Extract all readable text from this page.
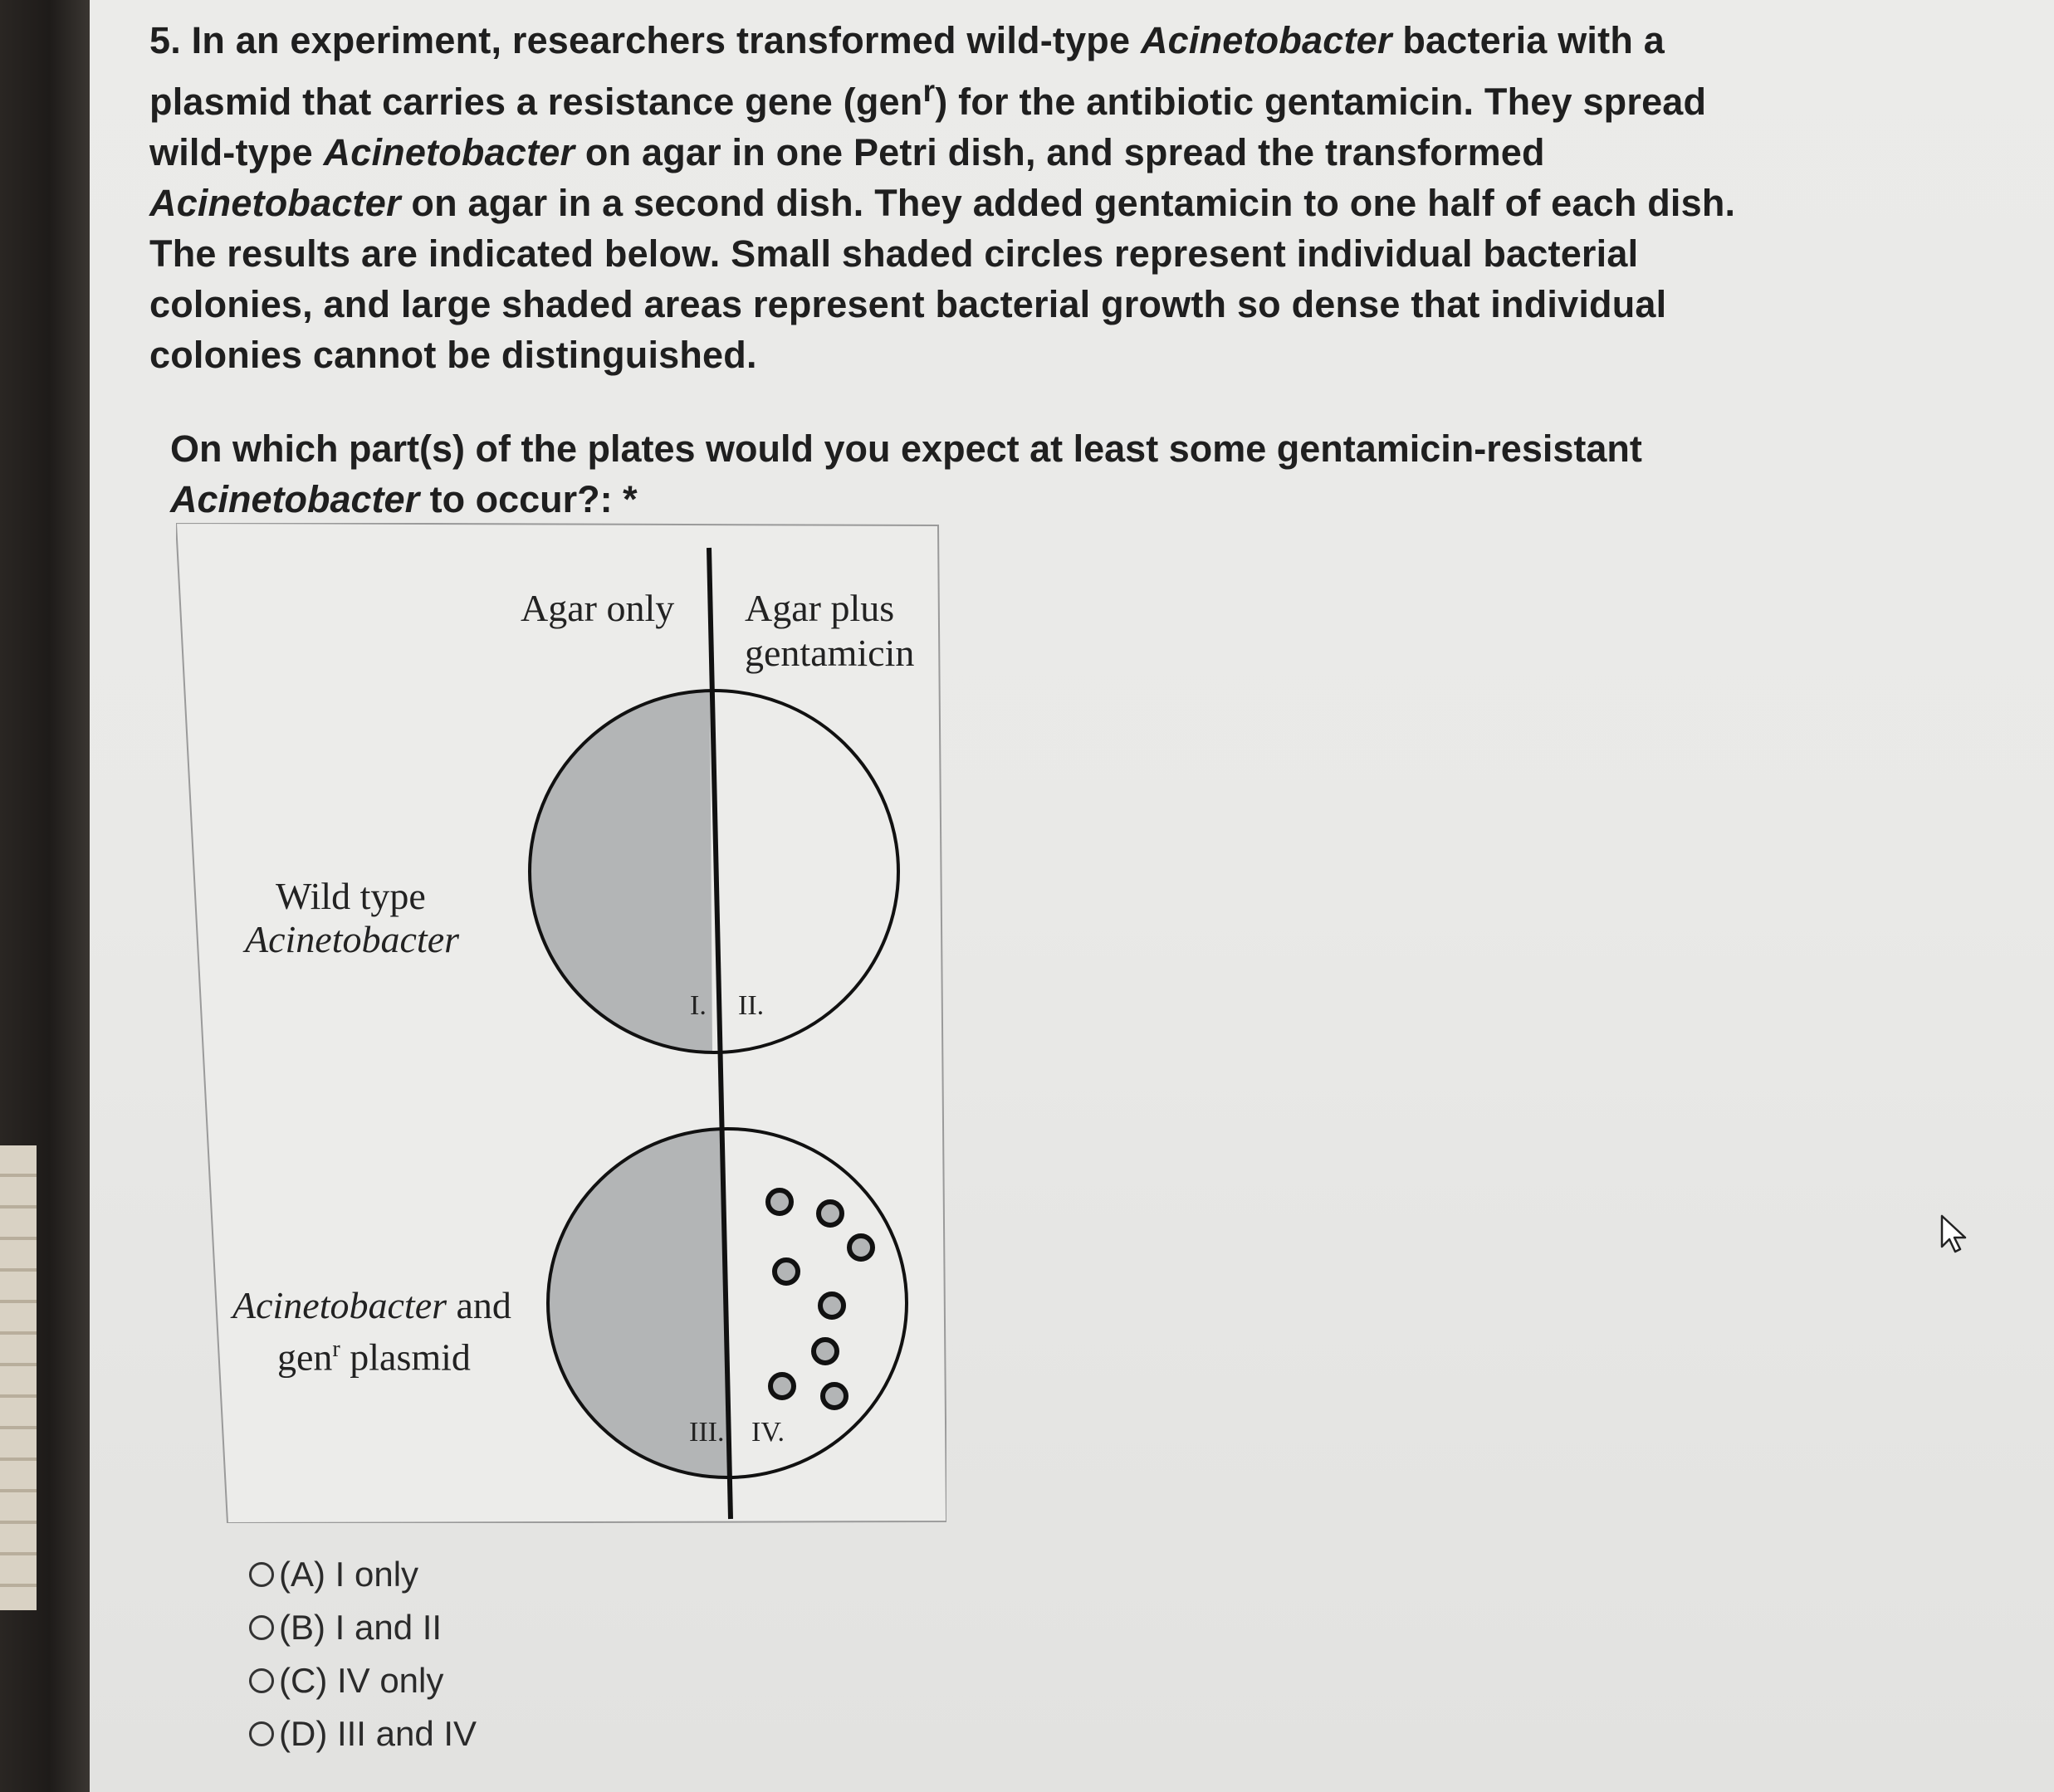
5. In an experiment, researchers transformed wild-type Acinetobacter bacteria with a plasmid that carries a resistance gene (gen$^r$) for the antibiotic gentamicin. They spread wild-type Acinetobacter on agar in one Petri dish, and spread the transformed Acinetobacter on agar in a second dish. They added gentamicin to one half of each dish. The results are indicated below. Small shaded circles represent individual bacterial colonies, and large shaded areas represent bacterial growth so dense that individual colonies cannot be distinguished.

On which part(s) of the plates would you expect at least some gentamicin-resistant Acinetobacter to occur?: *

Agar only Agar plus
gentamicin
Wild type
Acinetobacter
Acinetobacter and
gen$^r$ plasmid
I. II.
III. IV.
(A) I only
(B) I and II
(C) IV only
(D) III and IV
